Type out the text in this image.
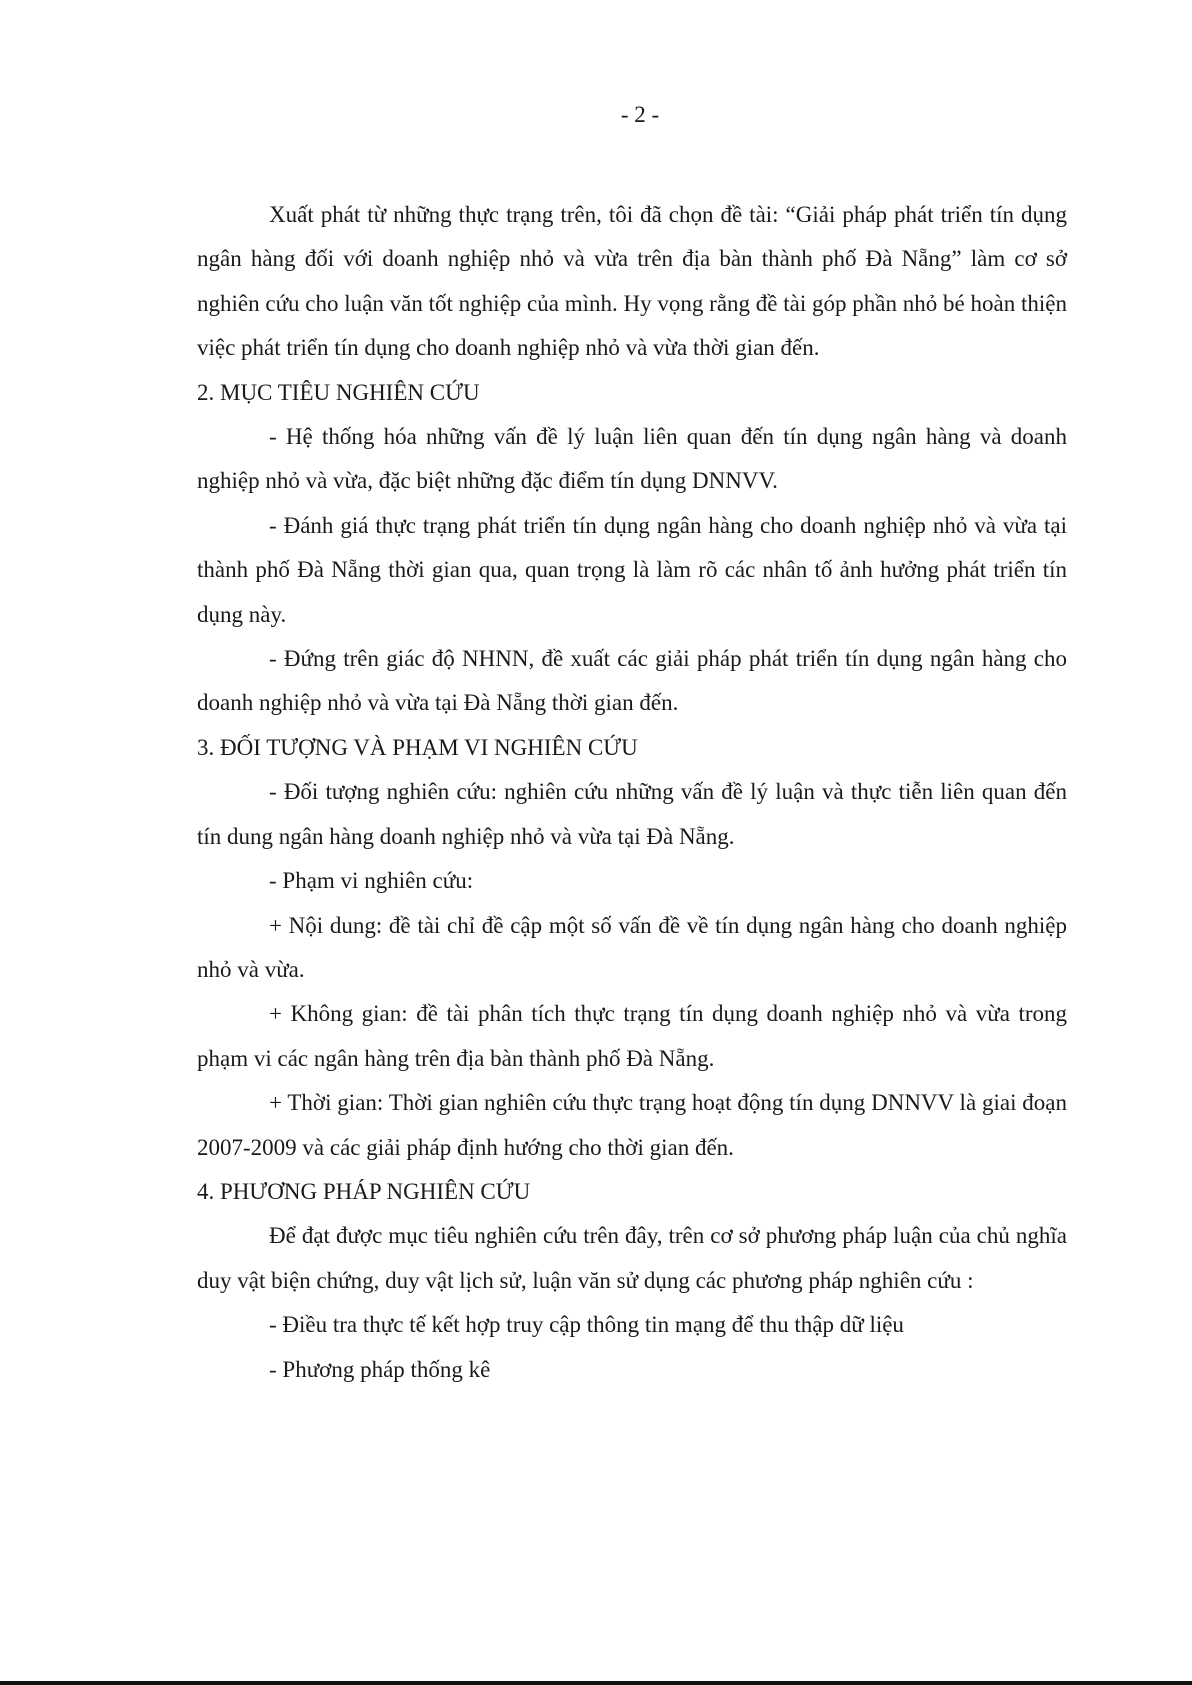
- 2 -

Xuất phát từ những thực trạng trên, tôi đã chọn đề tài: “Giải pháp phát triển tín dụng ngân hàng đối với doanh nghiệp nhỏ và vừa trên địa bàn thành phố Đà Nẵng” làm cơ sở nghiên cứu cho luận văn tốt nghiệp của mình. Hy vọng rằng đề tài góp phần nhỏ bé hoàn thiện việc phát triển tín dụng cho doanh nghiệp nhỏ và vừa thời gian đến.

2. MỤC TIÊU NGHIÊN CỨU

- Hệ thống hóa những vấn đề lý luận liên quan đến tín dụng ngân hàng và doanh nghiệp nhỏ và vừa, đặc biệt những đặc điểm tín dụng DNNVV.

- Đánh giá thực trạng phát triển tín dụng ngân hàng cho doanh nghiệp nhỏ và vừa tại thành phố Đà Nẵng thời gian qua, quan trọng là làm rõ các nhân tố ảnh hưởng phát triển tín dụng này.

- Đứng trên giác độ NHNN, đề xuất các giải pháp phát triển tín dụng ngân hàng cho doanh nghiệp nhỏ và vừa tại Đà Nẵng thời gian đến.

3. ĐỐI TƯỢNG VÀ PHẠM VI NGHIÊN CỨU

- Đối tượng nghiên cứu: nghiên cứu những vấn đề lý luận và thực tiễn liên quan đến tín dung ngân hàng doanh nghiệp nhỏ và vừa tại Đà Nẵng.

- Phạm vi nghiên cứu:

+ Nội dung: đề tài chỉ đề cập một số vấn đề về tín dụng ngân hàng cho doanh nghiệp nhỏ và vừa.

+ Không gian: đề tài phân tích thực trạng tín dụng doanh nghiệp nhỏ và vừa trong phạm vi các ngân hàng trên địa bàn thành phố Đà Nẵng.

+ Thời gian: Thời gian nghiên cứu thực trạng hoạt động tín dụng DNNVV là giai đoạn 2007-2009 và các giải pháp định hướng cho thời gian đến.

4. PHƯƠNG PHÁP NGHIÊN CỨU

Để đạt được mục tiêu nghiên cứu trên đây, trên cơ sở phương pháp luận của chủ nghĩa duy vật biện chứng, duy vật lịch sử, luận văn sử dụng các phương pháp nghiên cứu :

- Điều tra thực tế kết hợp truy cập thông tin mạng để thu thập dữ liệu

- Phương pháp thống kê
